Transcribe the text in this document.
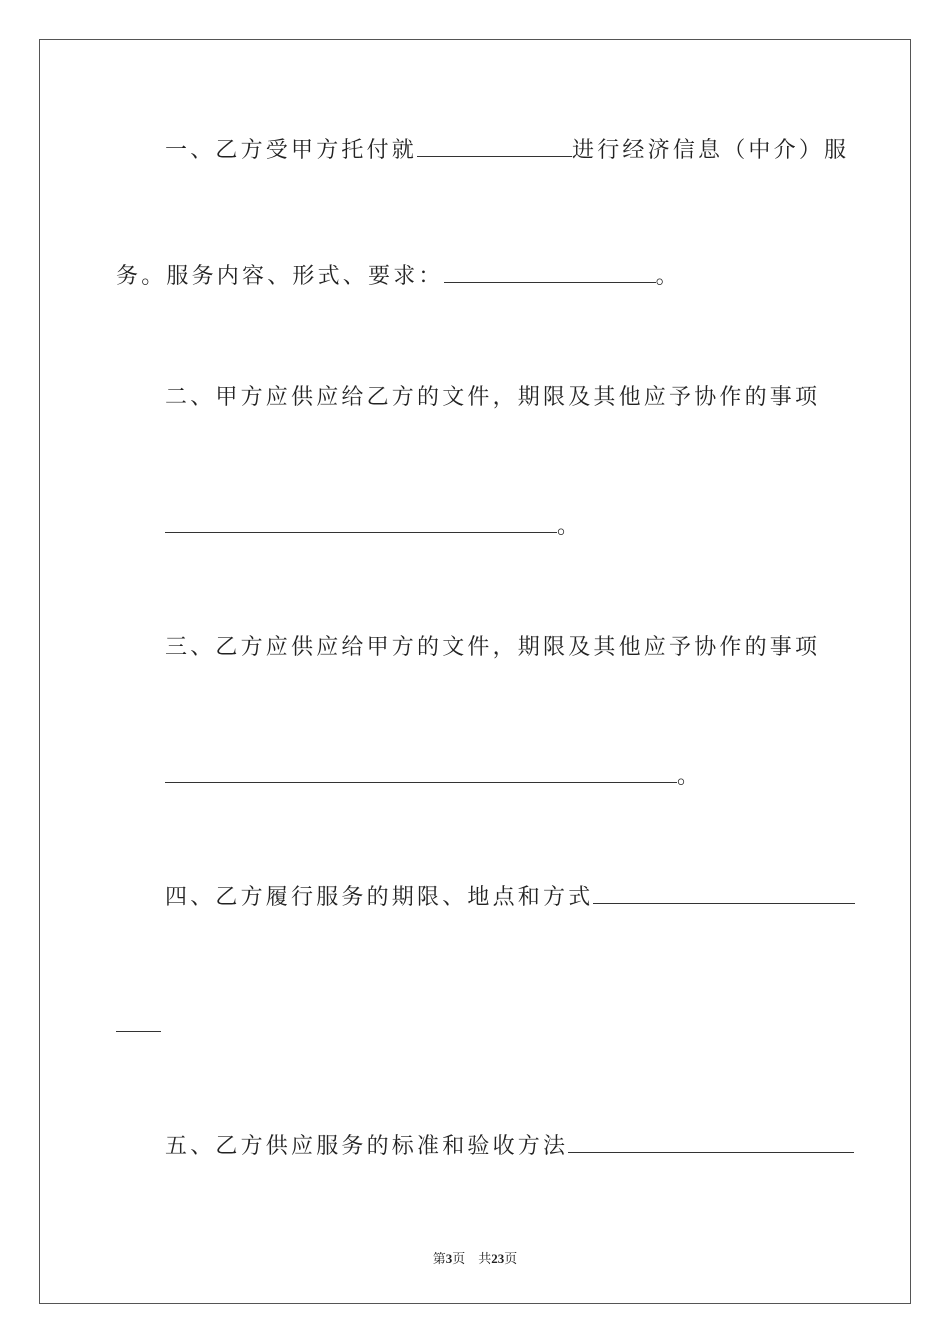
一、乙方受甲方托付就	进行经济信息（中介）服
务。服务内容、形式、要求：	。
二、甲方应供应给乙方的文件，期限及其他应予协作的事项
。
三、乙方应供应给甲方的文件，期限及其他应予协作的事项
。
四、乙方履行服务的期限、地点和方式
五、乙方供应服务的标准和验收方法
第3页 共23页
